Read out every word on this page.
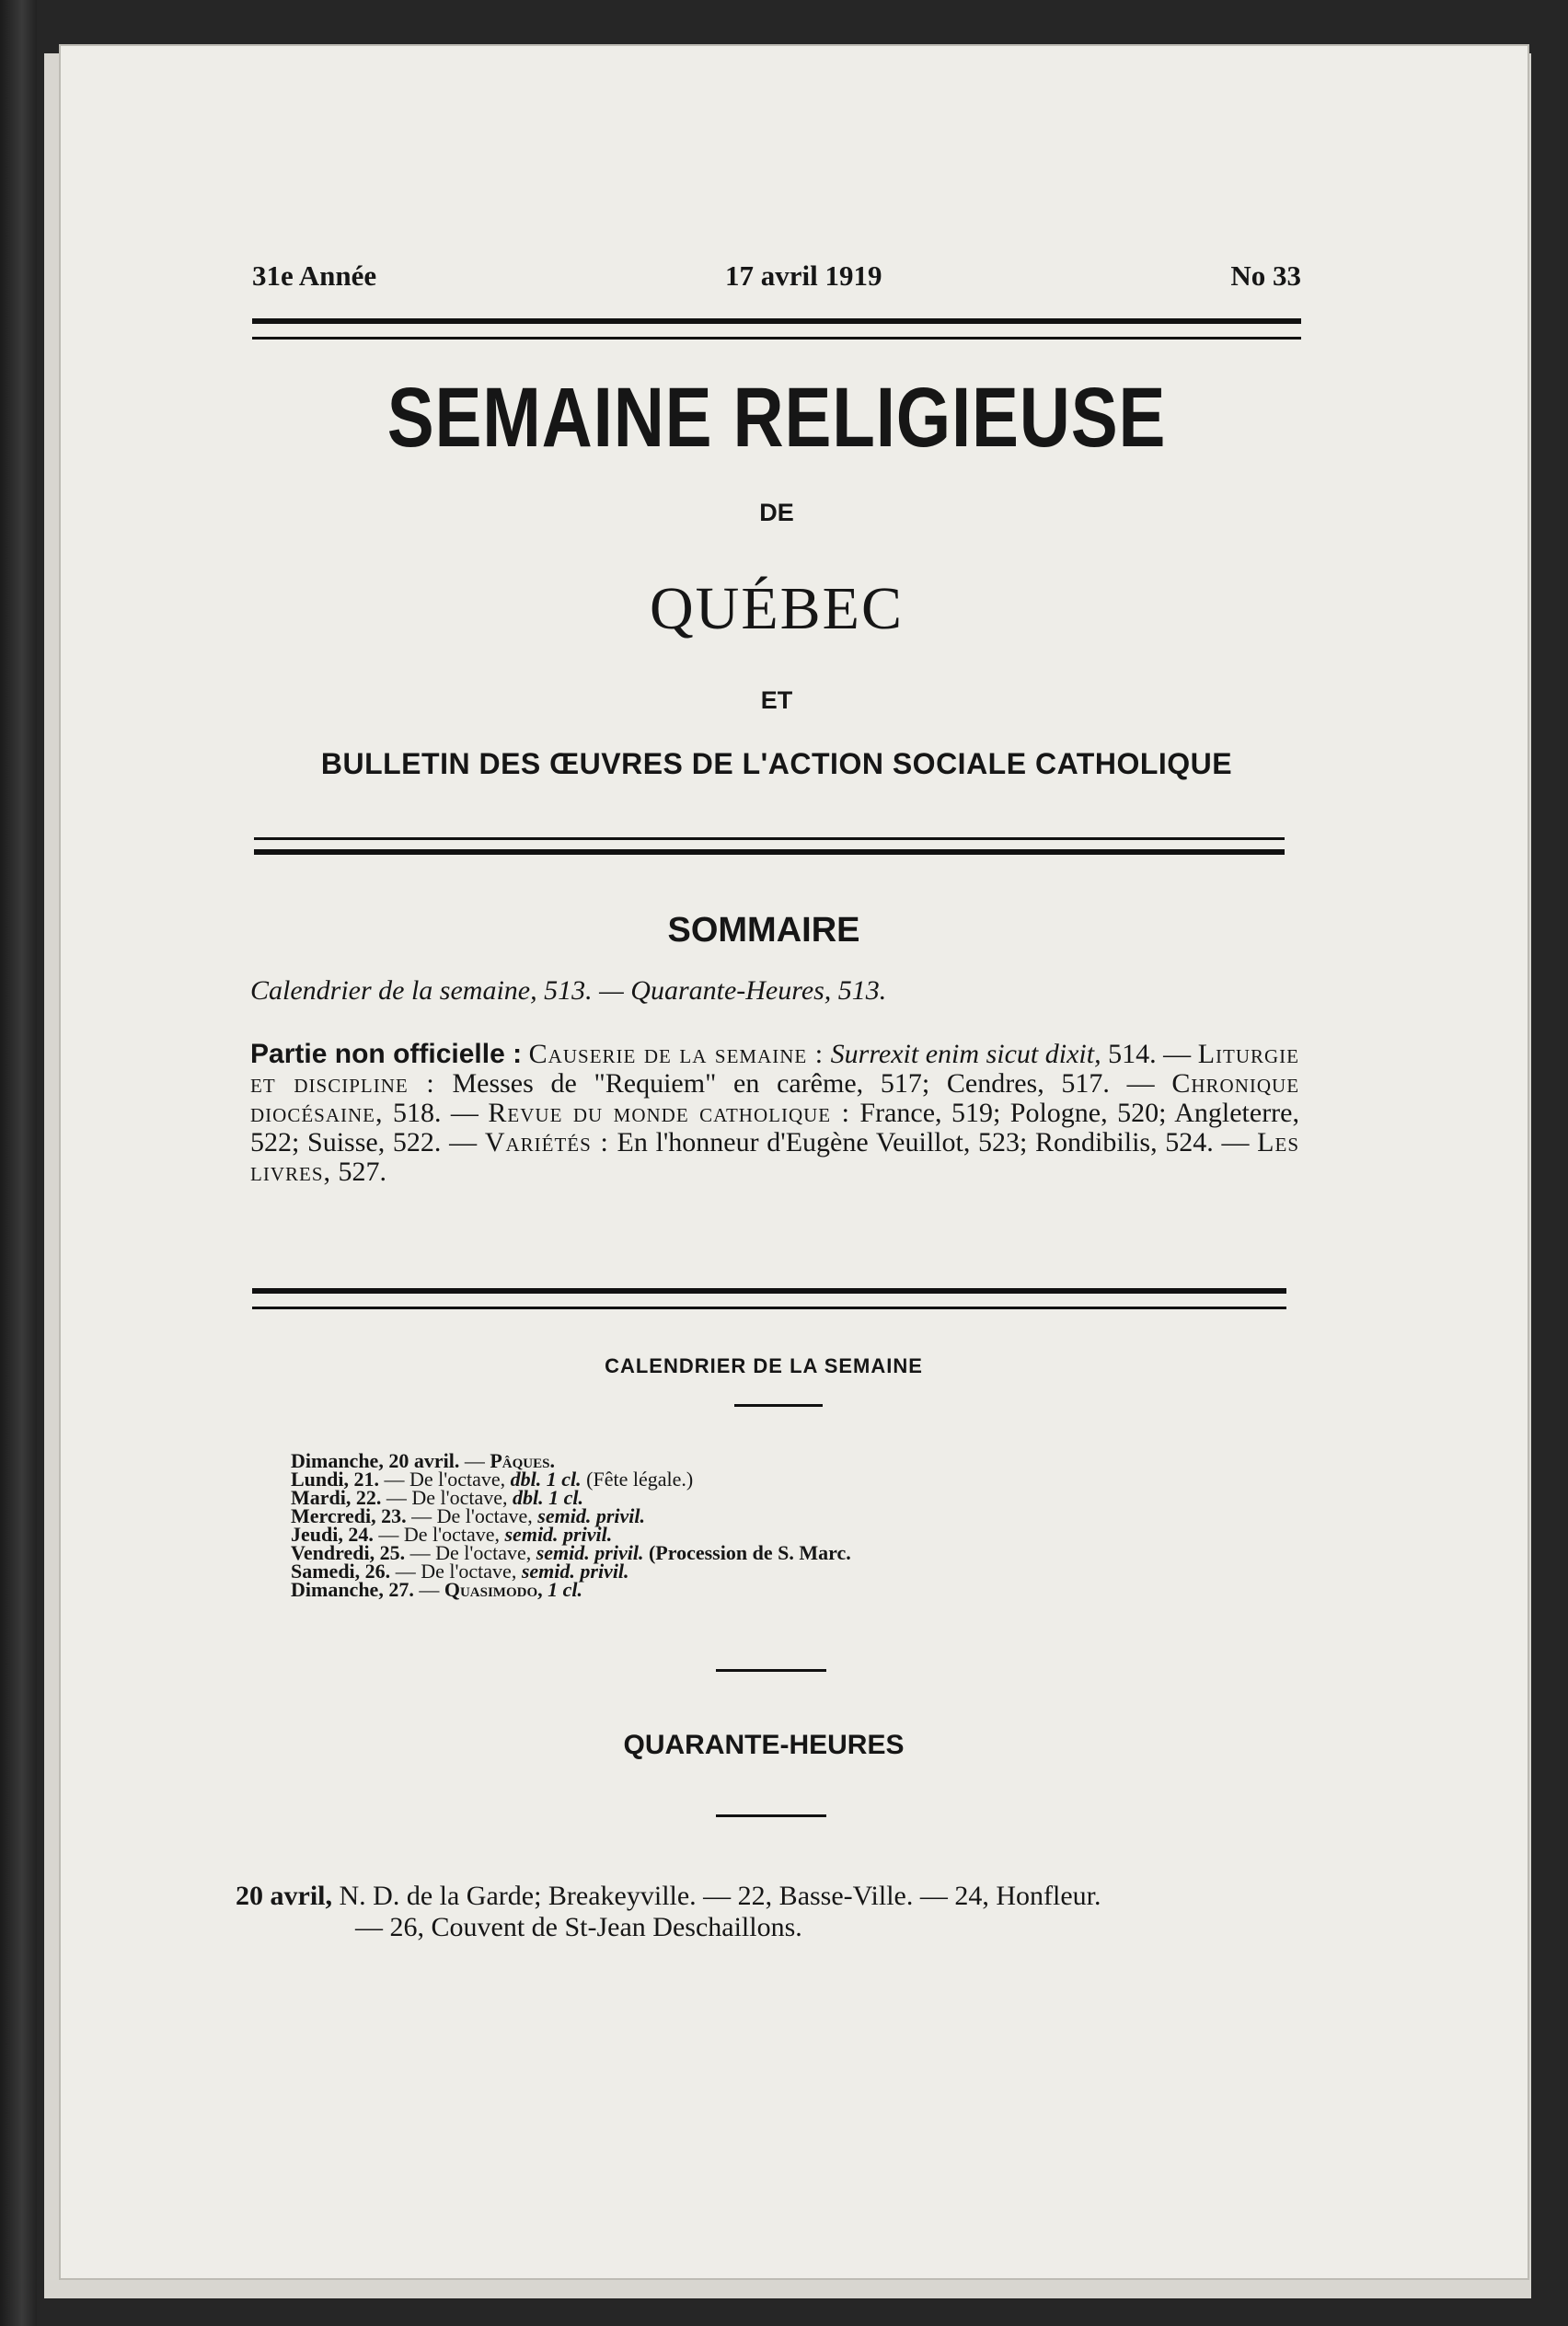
31e Année	17 avril 1919	No 33
SEMAINE RELIGIEUSE
DE
QUÉBEC
ET
BULLETIN DES ŒUVRES DE L'ACTION SOCIALE CATHOLIQUE
SOMMAIRE
Calendrier de la semaine, 513. — Quarante-Heures, 513.
Partie non officielle : Causerie de la semaine : Surrexit enim sicut dixit, 514. — Liturgie et discipline : Messes de "Requiem" en carême, 517; Cendres, 517. — Chronique diocésaine, 518. — Revue du monde catholique : France, 519; Pologne, 520; Angleterre, 522; Suisse, 522. — Variétés : En l'honneur d'Eugène Veuillot, 523; Rondibilis, 524. — Les livres, 527.
CALENDRIER DE LA SEMAINE
Dimanche, 20 avril. — Pâques.
Lundi, 21. — De l'octave, dbl. 1 cl. (Fête légale.)
Mardi, 22. — De l'octave, dbl. 1 cl.
Mercredi, 23. — De l'octave, semid. privil.
Jeudi, 24. — De l'octave, semid. privil.
Vendredi, 25. — De l'octave, semid. privil. (Procession de S. Marc.
Samedi, 26. — De l'octave, semid. privil.
Dimanche, 27. — Quasimodo, 1 cl.
QUARANTE-HEURES
20 avril, N. D. de la Garde; Breakeyville. — 22, Basse-Ville. — 24, Honfleur.
— 26, Couvent de St-Jean Deschaillons.
